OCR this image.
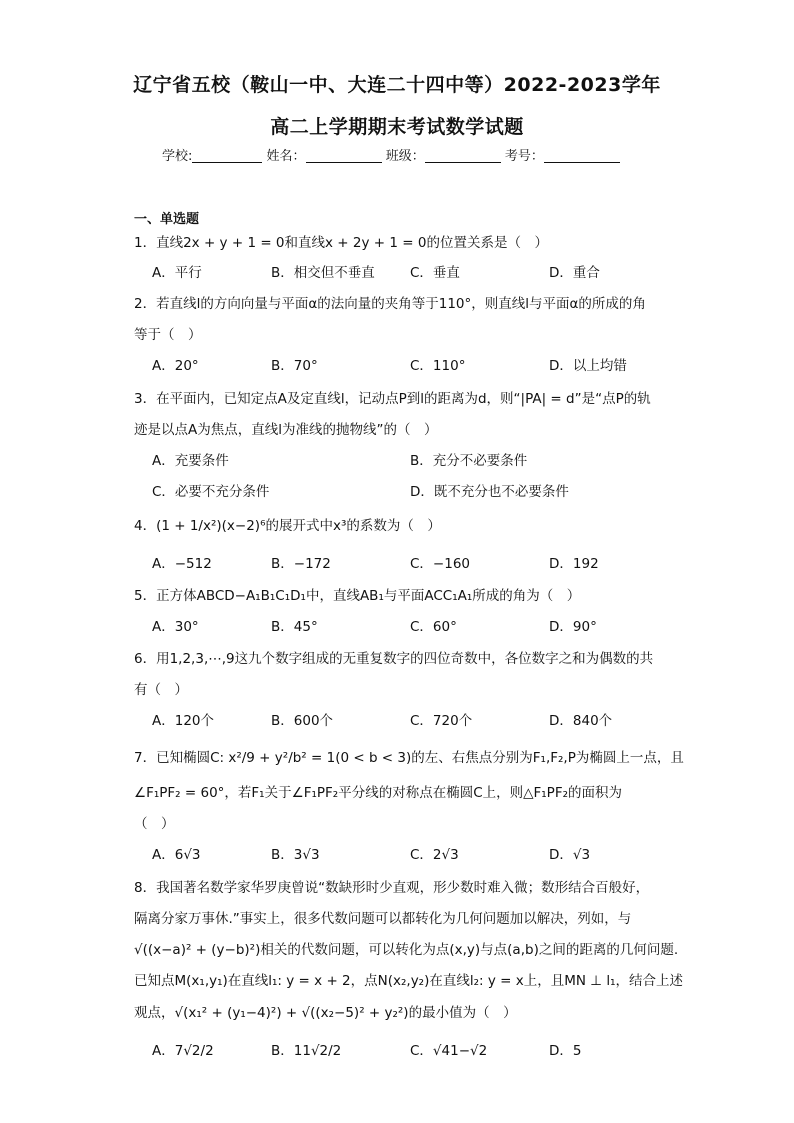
辽宁省五校（鞍山一中、大连二十四中等）2022-2023学年
高二上学期期末考试数学试题
学校:	姓名：	班级：	考号：
一、单选题
1．直线2x + y + 1 = 0和直线x + 2y + 1 = 0的位置关系是（　）
A．平行	B．相交但不垂直	C．垂直	D．重合
2．若直线l的方向向量与平面α的法向量的夹角等于110°，则直线l与平面α的所成的角
等于（　）
A．20°	B．70°	C．110°	D．以上均错
3．在平面内，已知定点A及定直线l，记动点P到l的距离为d，则“|PA| = d”是“点P的轨
迹是以点A为焦点，直线l为准线的抛物线”的（　）
A．充要条件	B．充分不必要条件
C．必要不充分条件	D．既不充分也不必要条件
4．(1 + 1/x²)(x−2)⁶的展开式中x³的系数为（　）
A．−512	B．−172	C．−160	D．192
5．正方体ABCD−A₁B₁C₁D₁中，直线AB₁与平面ACC₁A₁所成的角为（　）
A．30°	B．45°	C．60°	D．90°
6．用1,2,3,⋯,9这九个数字组成的无重复数字的四位奇数中，各位数字之和为偶数的共
有（　）
A．120个	B．600个	C．720个	D．840个
7．已知椭圆C: x²/9 + y²/b² = 1(0 < b < 3)的左、右焦点分别为F₁,F₂,P为椭圆上一点，且
∠F₁PF₂ = 60°，若F₁关于∠F₁PF₂平分线的对称点在椭圆C上，则△F₁PF₂的面积为
（　）
A．6√3	B．3√3	C．2√3	D．√3
8．我国著名数学家华罗庚曾说“数缺形时少直观，形少数时难入微；数形结合百般好，
隔离分家万事休.”事实上，很多代数问题可以都转化为几何问题加以解决，列如，与
√((x−a)² + (y−b)²)相关的代数问题，可以转化为点(x,y)与点(a,b)之间的距离的几何问题.
已知点M(x₁,y₁)在直线l₁: y = x + 2，点N(x₂,y₂)在直线l₂: y = x上，且MN ⊥ l₁，结合上述
观点，√(x₁² + (y₁−4)²) + √((x₂−5)² + y₂²)的最小值为（　）
A．7√2/2	B．11√2/2	C．√41−√2	D．5
